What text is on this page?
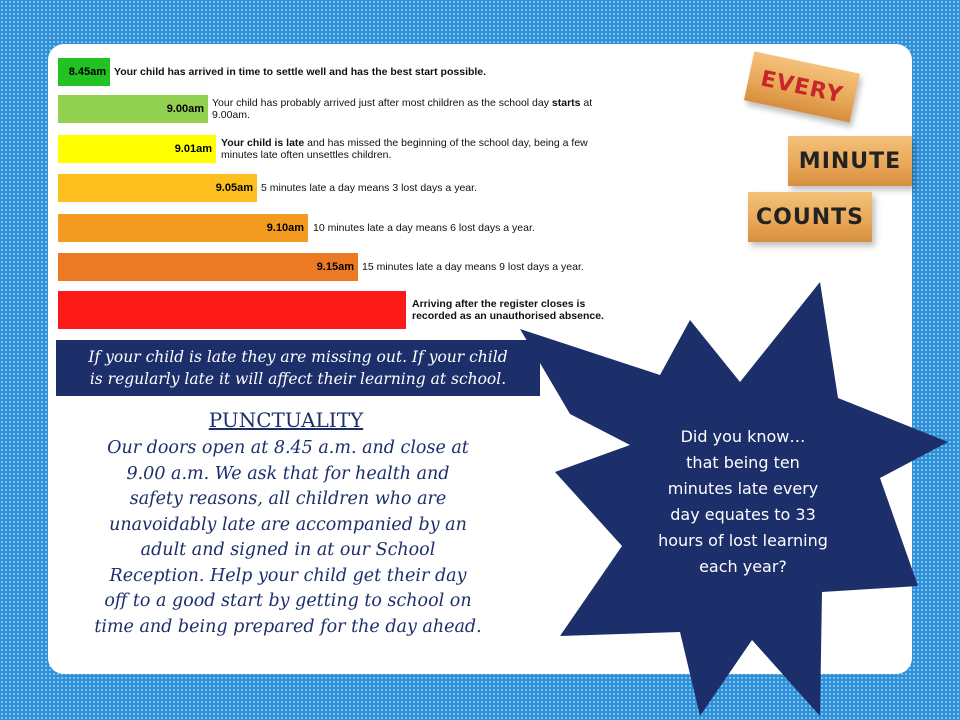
8.45am Your child has arrived in time to settle well and has the best start possible.
9.00am Your child has probably arrived just after most children as the school day starts at 9.00am.
9.01am Your child is late and has missed the beginning of the school day, being a few minutes late often unsettles children.
9.05am 5 minutes late a day means 3 lost days a year.
9.10am 10 minutes late a day means 6 lost days a year.
9.15am 15 minutes late a day means 9 lost days a year.
Arriving after the register closes is recorded as an unauthorised absence.
If your child is late they are missing out. If your child
is regularly late it will affect their learning at school.
PUNCTUALITY
Our doors open at 8.45 a.m. and close at
9.00 a.m. We ask that for health and
safety reasons, all children who are
unavoidably late are accompanied by an
adult and signed in at our School
Reception. Help your child get their day
off to a good start by getting to school on
time and being prepared for the day ahead.
EVERY
MINUTE
COUNTS
Did you know…
that being ten
minutes late every
day equates to 33
hours of lost learning
each year?
